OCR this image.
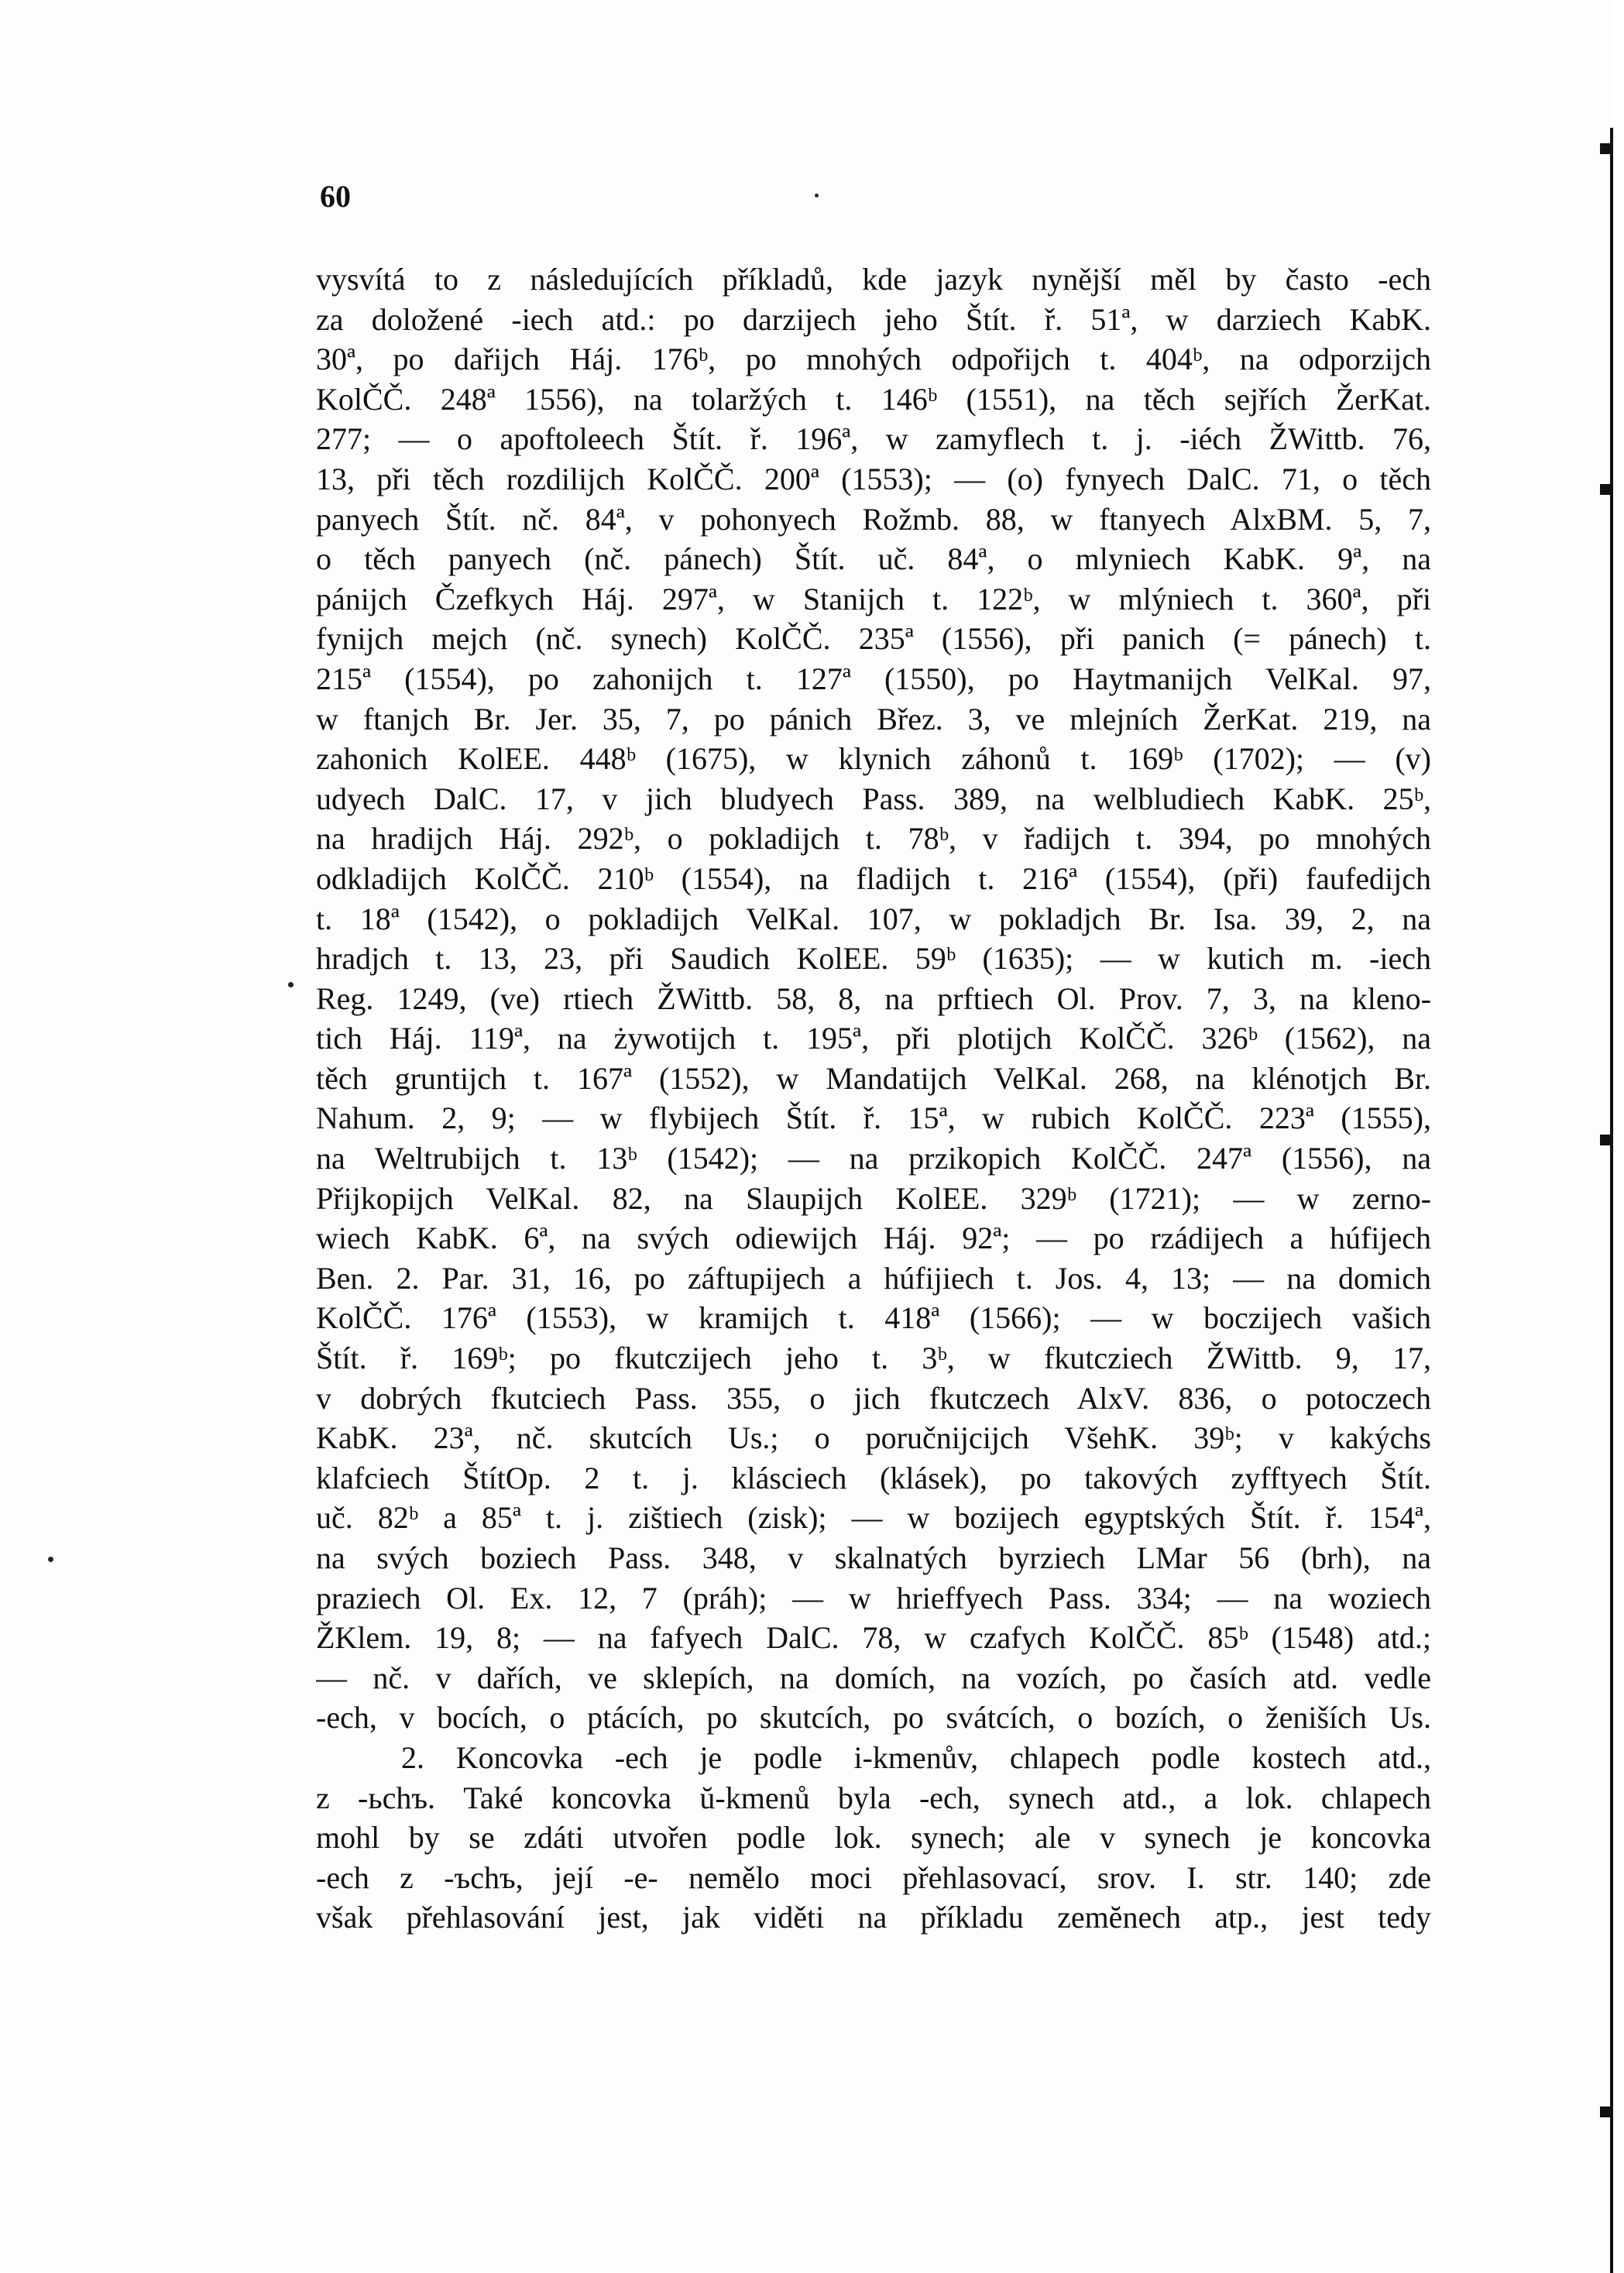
60
vysvítá to z následujících příkladů, kde jazyk nynější měl by často -ech
za doložené -iech atd.: po darzijech jeho Štít. ř. 51ª, w darziech KabK.
30ª, po dařijch Háj. 176ᵇ, po mnohých odpořijch t. 404ᵇ, na odporzijch
KolČČ. 248ª 1556), na tolaržých t. 146ᵇ (1551), na těch sejřích ŽerKat.
277; — o apoftoleech Štít. ř. 196ª, w zamyflech t. j. -iéch ŽWittb. 76,
13, při těch rozdilijch KolČČ. 200ª (1553); — (o) fynyech DalC. 71, o těch
panyech Štít. nč. 84ª, v pohonyech Rožmb. 88, w ftanyech AlxBM. 5, 7,
o těch panyech (nč. pánech) Štít. uč. 84ª, o mlyniech KabK. 9ª, na
pánijch Čzefkych Háj. 297ª, w Stanijch t. 122ᵇ, w mlýniech t. 360ª, při
fynijch mejch (nč. synech) KolČČ. 235ª (1556), při panich (= pánech) t.
215ª (1554), po zahonijch t. 127ª (1550), po Haytmanijch VelKal. 97,
w ftanjch Br. Jer. 35, 7, po pánich Břez. 3, ve mlejních ŽerKat. 219, na
zahonich KolEE. 448ᵇ (1675), w klynich záhonů t. 169ᵇ (1702); — (v)
udyech DalC. 17, v jich bludyech Pass. 389, na welbludiech KabK. 25ᵇ,
na hradijch Háj. 292ᵇ, o pokladijch t. 78ᵇ, v řadijch t. 394, po mnohých
odkladijch KolČČ. 210ᵇ (1554), na fladijch t. 216ª (1554), (při) faufedijch
t. 18ª (1542), o pokladijch VelKal. 107, w pokladjch Br. Isa. 39, 2, na
hradjch t. 13, 23, při Saudich KolEE. 59ᵇ (1635); — w kutich m. -iech
Reg. 1249, (ve) rtiech ŽWittb. 58, 8, na prftiech Ol. Prov. 7, 3, na kleno-
tich Háj. 119ª, na żywotijch t. 195ª, při plotijch KolČČ. 326ᵇ (1562), na
těch gruntijch t. 167ª (1552), w Mandatijch VelKal. 268, na klénotjch Br.
Nahum. 2, 9; — w flybijech Štít. ř. 15ª, w rubich KolČČ. 223ª (1555),
na Weltrubijch t. 13ᵇ (1542); — na przikopich KolČČ. 247ª (1556), na
Přijkopijch VelKal. 82, na Slaupijch KolEE. 329ᵇ (1721); — w zerno-
wiech KabK. 6ª, na svých odiewijch Háj. 92ª; — po rzádijech a húfijech
Ben. 2. Par. 31, 16, po záftupijech a húfijiech t. Jos. 4, 13; — na domich
KolČČ. 176ª (1553), w kramijch t. 418ª (1566); — w boczijech vašich
Štít. ř. 169ᵇ; po fkutczijech jeho t. 3ᵇ, w fkutcziech ŽWittb. 9, 17,
v dobrých fkutciech Pass. 355, o jich fkutczech AlxV. 836, o potoczech
KabK. 23ª, nč. skutcích Us.; o poručnijcijch VšehK. 39ᵇ; v kakýchs
klafciech ŠtítOp. 2 t. j. klásciech (klásek), po takových zyfftyech Štít.
uč. 82ᵇ a 85ª t. j. zištiech (zisk); — w bozijech egyptských Štít. ř. 154ª,
na svých boziech Pass. 348, v skalnatých byrziech LMar 56 (brh), na
praziech Ol. Ex. 12, 7 (práh); — w hrieffyech Pass. 334; — na woziech
ŽKlem. 19, 8; — na fafyech DalC. 78, w czafych KolČČ. 85ᵇ (1548) atd.;
— nč. v dařích, ve sklepích, na domích, na vozích, po časích atd. vedle
-ech, v bocích, o ptácích, po skutcích, po svátcích, o bozích, o ženiších Us.
2. Koncovka -ech je podle i-kmenův, chlapech podle kostech atd.,
z -ьchъ. Také koncovka ŭ-kmenů byla -ech, synech atd., a lok. chlapech
mohl by se zdáti utvořen podle lok. synech; ale v synech je koncovka
-ech z -ъchъ, její -e- nemělo moci přehlasovací, srov. I. str. 140; zde
však přehlasování jest, jak viděti na příkladu zemĕnech atp., jest tedy
